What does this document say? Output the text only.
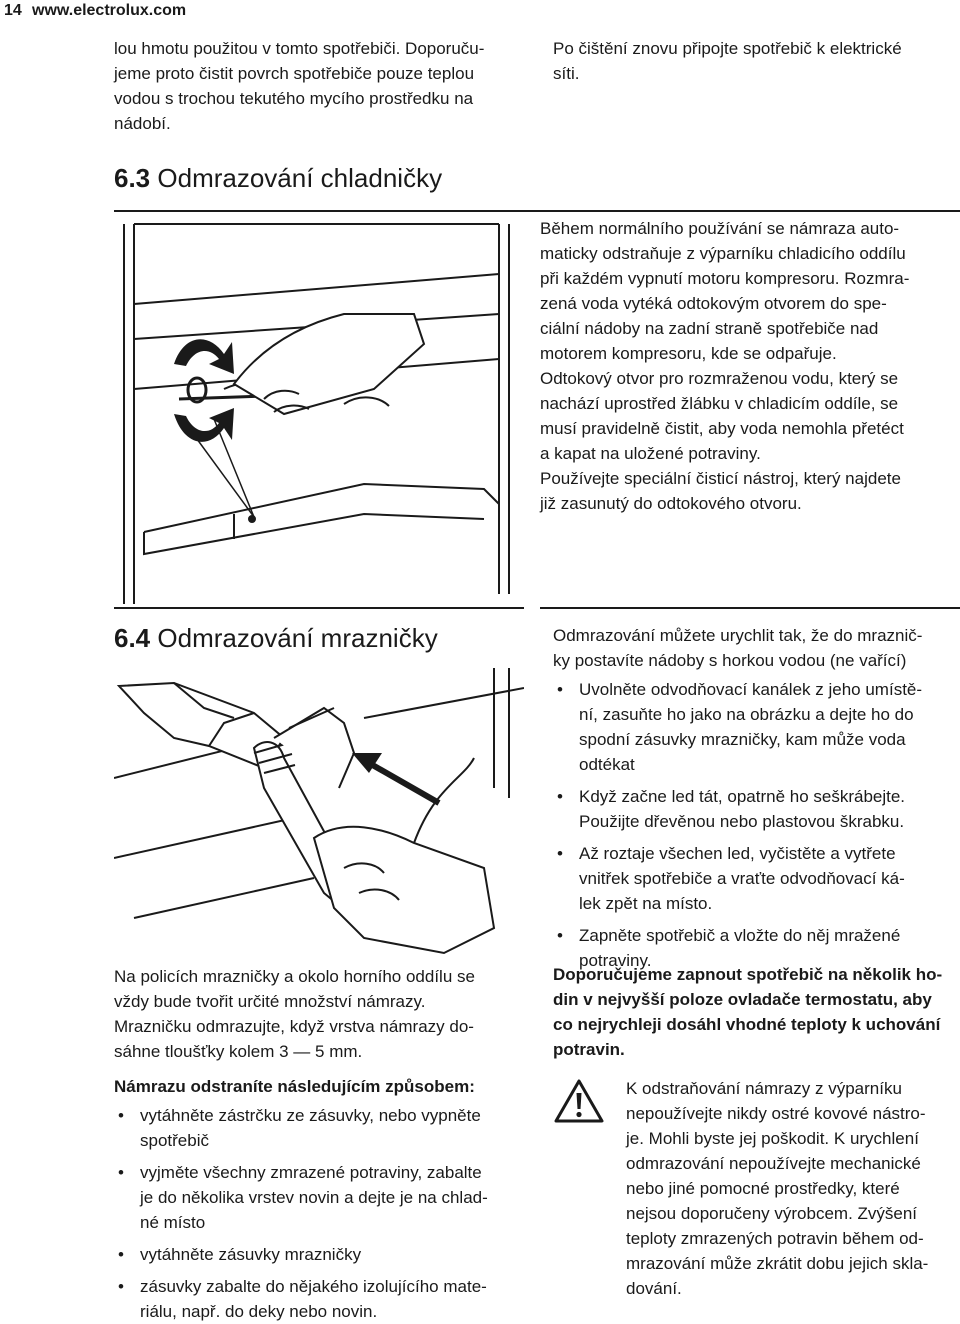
14 www.electrolux.com
lou hmotu použitou v tomto spotřebiči. Doporuču-
jeme proto čistit povrch spotřebiče pouze teplou
vodou s trochou tekutého mycího prostředku na
nádobí.
Po čištění znovu připojte spotřebič k elektrické
síti.
6.3 Odmrazování chladničky
Během normálního používání se námraza auto-
maticky odstraňuje z výparníku chladicího oddílu
při každém vypnutí motoru kompresoru. Rozmra-
zená voda vytéká odtokovým otvorem do spe-
ciální nádoby na zadní straně spotřebiče nad
motorem kompresoru, kde se odpařuje.
Odtokový otvor pro rozmraženou vodu, který se
nachází uprostřed žlábku v chladicím oddíle, se
musí pravidelně čistit, aby voda nemohla přetéct
a kapat na uložené potraviny.
Používejte speciální čisticí nástroj, který najdete
již zasunutý do odtokového otvoru.
6.4 Odmrazování mrazničky
Na policích mrazničky a okolo horního oddílu se
vždy bude tvořit určité množství námrazy.
Mrazničku odmrazujte, když vrstva námrazy do-
sáhne tloušťky kolem 3 — 5 mm.
Námrazu odstraníte následujícím způsobem:
• vytáhněte zástrčku ze zásuvky, nebo vypněte
spotřebič
• vyjměte všechny zmrazené potraviny, zabalte
je do několika vrstev novin a dejte je na chlad-
né místo
• vytáhněte zásuvky mrazničky
• zásuvky zabalte do nějakého izolujícího mate-
riálu, např. do deky nebo novin.
Odmrazování můžete urychlit tak, že do mraznič-
ky postavíte nádoby s horkou vodou (ne vařící)
• Uvolněte odvodňovací kanálek z jeho umístě-
ní, zasuňte ho jako na obrázku a dejte ho do
spodní zásuvky mrazničky, kam může voda
odtékat
• Když začne led tát, opatrně ho seškrábejte.
Použijte dřevěnou nebo plastovou škrabku.
• Až roztaje všechen led, vyčistěte a vytřete
vnitřek spotřebiče a vraťte odvodňovací ká-
lek zpět na místo.
• Zapněte spotřebič a vložte do něj mražené
potraviny.
Doporučujeme zapnout spotřebič na několik ho-
din v nejvyšší poloze ovladače termostatu, aby
co nejrychleji dosáhl vhodné teploty k uchování
potravin.
K odstraňování námrazy z výparníku
nepoužívejte nikdy ostré kovové nástro-
je. Mohli byste jej poškodit. K urychlení
odmrazování nepoužívejte mechanické
nebo jiné pomocné prostředky, které
nejsou doporučeny výrobcem. Zvýšení
teploty zmrazených potravin během od-
mrazování může zkrátit dobu jejich skla-
dování.
